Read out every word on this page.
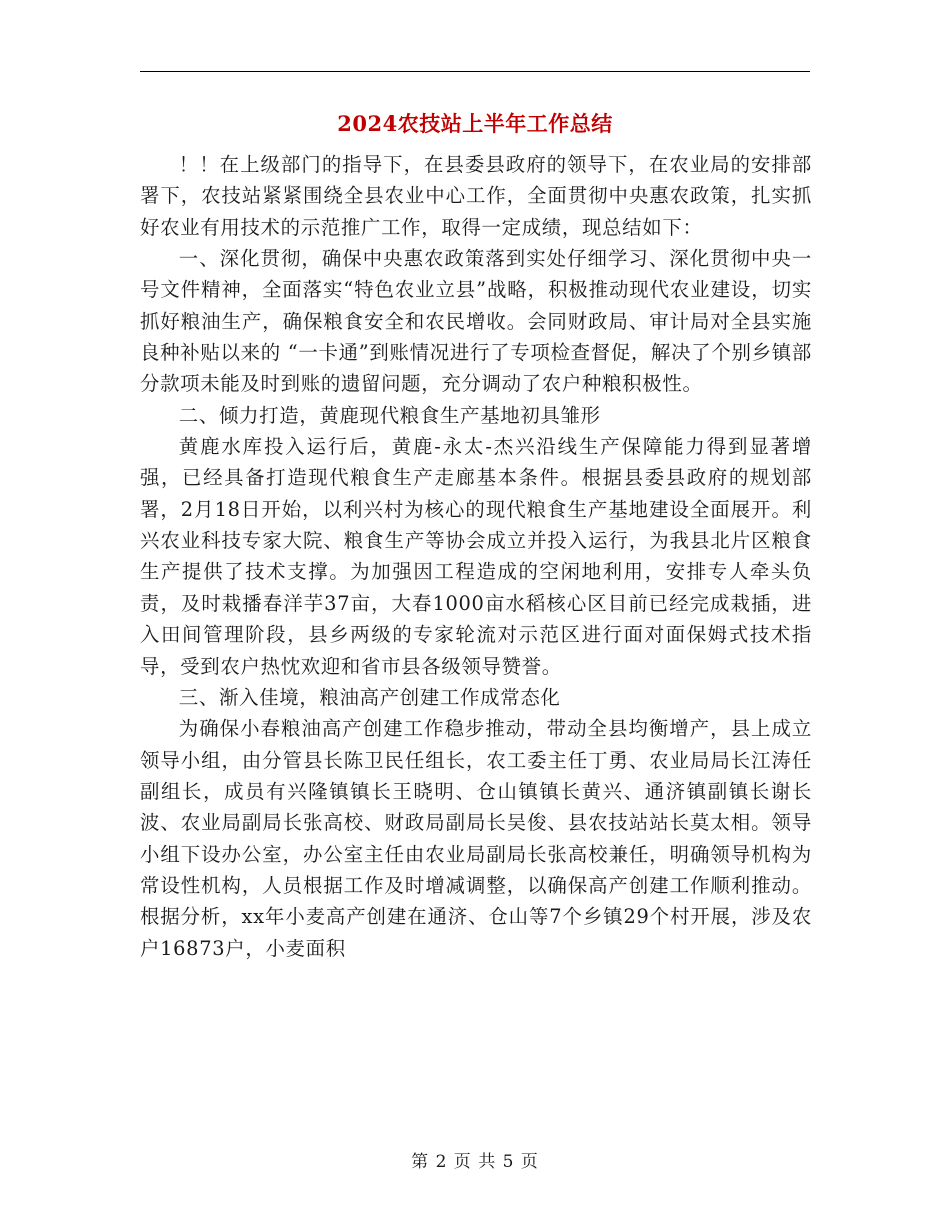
2024农技站上半年工作总结

！！在上级部门的指导下，在县委县政府的领导下，在农业局的安排部署下，农技站紧紧围绕全县农业中心工作，全面贯彻中央惠农政策，扎实抓好农业有用技术的示范推广工作，取得一定成绩，现总结如下：

一、深化贯彻，确保中央惠农政策落到实处仔细学习、深化贯彻中央一号文件精神，全面落实“特色农业立县”战略，积极推动现代农业建设，切实抓好粮油生产，确保粮食安全和农民增收。会同财政局、审计局对全县实施良种补贴以来的 “一卡通”到账情况进行了专项检查督促，解决了个别乡镇部分款项未能及时到账的遗留问题，充分调动了农户种粮积极性。

二、倾力打造，黄鹿现代粮食生产基地初具雏形

黄鹿水库投入运行后，黄鹿-永太-杰兴沿线生产保障能力得到显著增强，已经具备打造现代粮食生产走廊基本条件。根据县委县政府的规划部署，2月18日开始，以利兴村为核心的现代粮食生产基地建设全面展开。利兴农业科技专家大院、粮食生产等协会成立并投入运行，为我县北片区粮食生产提供了技术支撑。为加强因工程造成的空闲地利用，安排专人牵头负责，及时栽播春洋芋37亩，大春1000亩水稻核心区目前已经完成栽插，进入田间管理阶段，县乡两级的专家轮流对示范区进行面对面保姆式技术指导，受到农户热忱欢迎和省市县各级领导赞誉。

三、渐入佳境，粮油高产创建工作成常态化

为确保小春粮油高产创建工作稳步推动，带动全县均衡增产，县上成立领导小组，由分管县长陈卫民任组长，农工委主任丁勇、农业局局长江涛任副组长，成员有兴隆镇镇长王晓明、仓山镇镇长黄兴、通济镇副镇长谢长波、农业局副局长张高校、财政局副局长吴俊、县农技站站长莫太相。领导小组下设办公室，办公室主任由农业局副局长张高校兼任，明确领导机构为常设性机构，人员根据工作及时增减调整，以确保高产创建工作顺利推动。根据分析，xx年小麦高产创建在通济、仓山等7个乡镇29个村开展，涉及农户16873户，小麦面积

第 2 页 共 5 页
